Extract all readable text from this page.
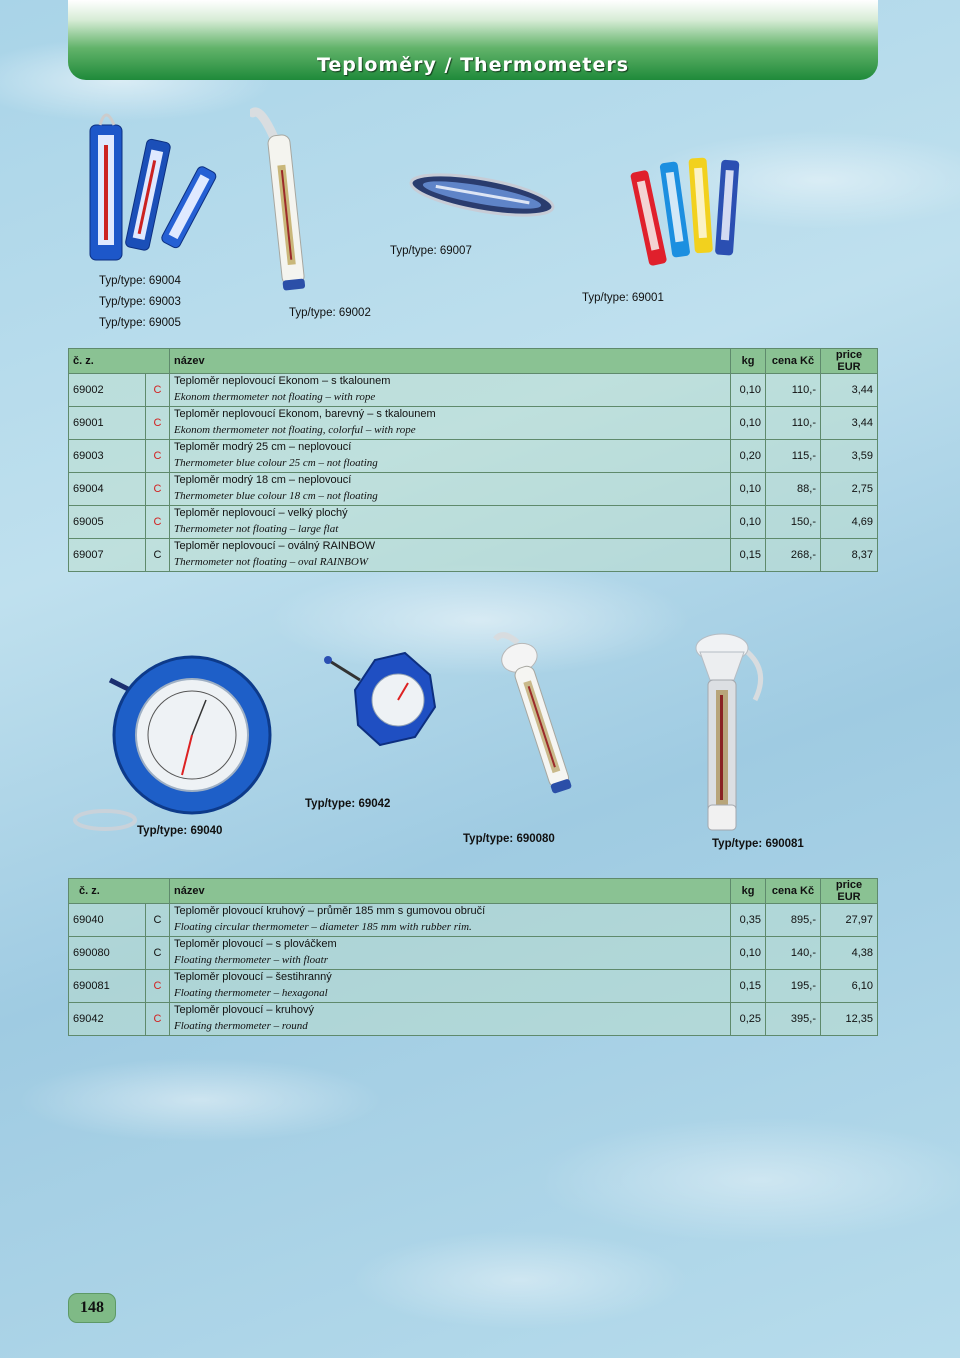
Teploměry / Thermometers
Typ/type: 69007
Typ/type: 69004
Typ/type: 69001
Typ/type: 69003
Typ/type: 69002
Typ/type: 69005
č. z.		název	kg	cena Kč	price EUR
69002	C	Teploměr neplovoucí Ekonom – s tkalounem
Ekonom thermometer not floating – with rope	0,10	110,-	3,44
69001	C	Teploměr neplovoucí Ekonom, barevný – s tkalounem
Ekonom thermometer not floating, colorful – with rope	0,10	110,-	3,44
69003	C	Teploměr modrý 25 cm – neplovoucí
Thermometer blue colour 25 cm – not floating	0,20	115,-	3,59
69004	C	Teploměr modrý 18 cm – neplovoucí
Thermometer blue colour 18 cm – not floating	0,10	88,-	2,75
69005	C	Teploměr neplovoucí – velký plochý
Thermometer not floating – large flat	0,10	150,-	4,69
69007	C	Teploměr neplovoucí – oválný RAINBOW
Thermometer not floating – oval RAINBOW	0,15	268,-	8,37
Typ/type: 69042
Typ/type: 69040
Typ/type: 690080	Typ/type: 690081
č. z.		název	kg	cena Kč	price EUR
69040	C	Teploměr plovoucí kruhový – průměr 185 mm s gumovou obručí
Floating circular thermometer – diameter 185 mm with rubber rim.	0,35	895,-	27,97
690080	C	Teploměr plovoucí – s plováčkem
Floating thermometer – with floatr	0,10	140,-	4,38
690081	C	Teploměr plovoucí – šestihranný
Floating thermometer – hexagonal	0,15	195,-	6,10
69042	C	Teploměr plovoucí – kruhový
Floating thermometer – round	0,25	395,-	12,35
148
